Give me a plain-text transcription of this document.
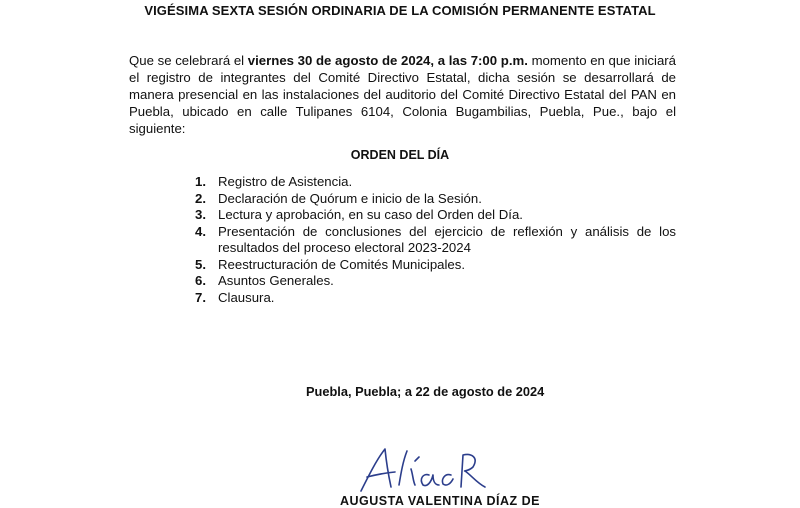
VIGÉSIMA SEXTA SESIÓN ORDINARIA DE LA COMISIÓN PERMANENTE ESTATAL
Que se celebrará el viernes 30 de agosto de 2024, a las 7:00 p.m. momento en que iniciará el registro de integrantes del Comité Directivo Estatal, dicha sesión se desarrollará de manera presencial en las instalaciones del auditorio del Comité Directivo Estatal del PAN en Puebla, ubicado en calle Tulipanes 6104, Colonia Bugambilias, Puebla, Pue., bajo el siguiente:
ORDEN DEL DÍA
1. Registro de Asistencia.
2. Declaración de Quórum e inicio de la Sesión.
3. Lectura y aprobación, en su caso del Orden del Día.
4. Presentación de conclusiones del ejercicio de reflexión y análisis de los resultados del proceso electoral 2023-2024
5. Reestructuración de Comités Municipales.
6. Asuntos Generales.
7. Clausura.
Puebla, Puebla; a 22 de agosto de 2024
AUGUSTA VALENTINA DÍAZ DE
